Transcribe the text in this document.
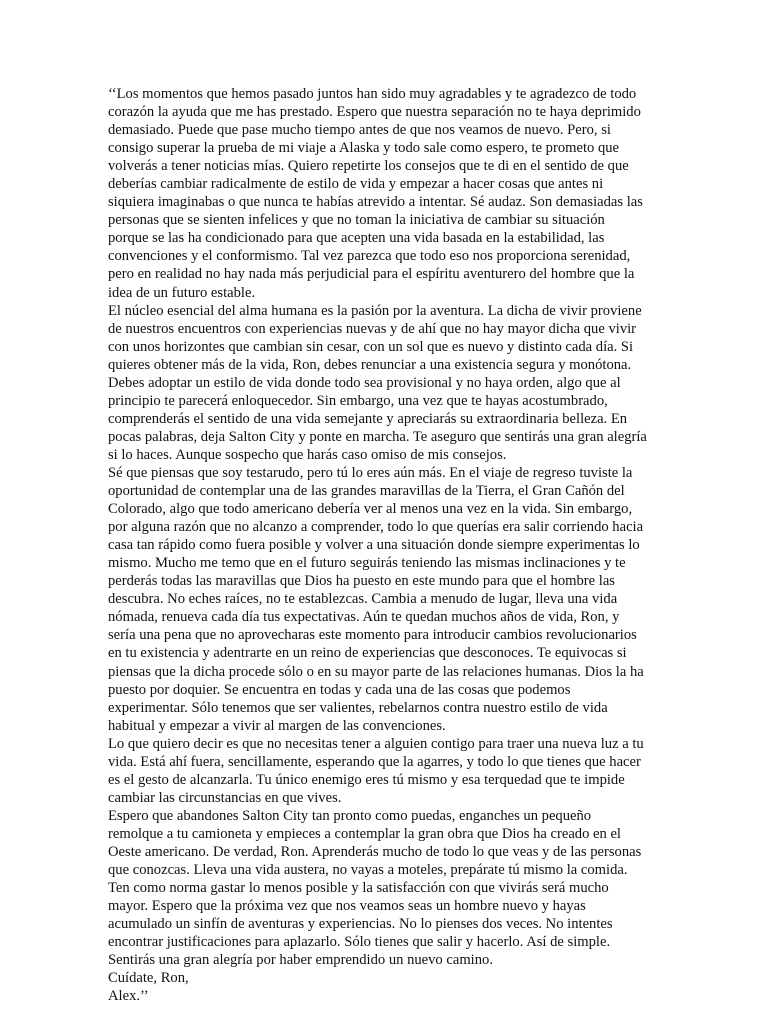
‘‘Los momentos que hemos pasado juntos han sido muy agradables y te agradezco de todo corazón la ayuda que me has prestado. Espero que nuestra separación no te haya deprimido demasiado. Puede que pase mucho tiempo antes de que nos veamos de nuevo. Pero, si consigo superar la prueba de mi viaje a Alaska y todo sale como espero, te prometo que volverás a tener noticias mías. Quiero repetirte los consejos que te di en el sentido de que deberías cambiar radicalmente de estilo de vida y empezar a hacer cosas que antes ni siquiera imaginabas o que nunca te habías atrevido a intentar. Sé audaz. Son demasiadas las personas que se sienten infelices y que no toman la iniciativa de cambiar su situación porque se las ha condicionado para que acepten una vida basada en la estabilidad, las convenciones y el conformismo. Tal vez parezca que todo eso nos proporciona serenidad, pero en realidad no hay nada más perjudicial para el espíritu aventurero del hombre que la idea de un futuro estable.

El núcleo esencial del alma humana es la pasión por la aventura. La dicha de vivir proviene de nuestros encuentros con experiencias nuevas y de ahí que no hay mayor dicha que vivir con unos horizontes que cambian sin cesar, con un sol que es nuevo y distinto cada día. Si quieres obtener más de la vida, Ron, debes renunciar a una existencia segura y monótona. Debes adoptar un estilo de vida donde todo sea provisional y no haya orden, algo que al principio te parecerá enloquecedor. Sin embargo, una vez que te hayas acostumbrado, comprenderás el sentido de una vida semejante y apreciarás su extraordinaria belleza. En pocas palabras, deja Salton City y ponte en marcha. Te aseguro que sentirás una gran alegría si lo haces. Aunque sospecho que harás caso omiso de mis consejos.

Sé que piensas que soy testarudo, pero tú lo eres aún más. En el viaje de regreso tuviste la oportunidad de contemplar una de las grandes maravillas de la Tierra, el Gran Cañón del Colorado, algo que todo americano debería ver al menos una vez en la vida. Sin embargo, por alguna razón que no alcanzo a comprender, todo lo que querías era salir corriendo hacia casa tan rápido como fuera posible y volver a una situación donde siempre experimentas lo mismo. Mucho me temo que en el futuro seguirás teniendo las mismas inclinaciones y te perderás todas las maravillas que Dios ha puesto en este mundo para que el hombre las descubra. No eches raíces, no te establezcas. Cambia a menudo de lugar, lleva una vida nómada, renueva cada día tus expectativas. Aún te quedan muchos años de vida, Ron, y sería una pena que no aprovecharas este momento para introducir cambios revolucionarios en tu existencia y adentrarte en un reino de experiencias que desconoces. Te equivocas si piensas que la dicha procede sólo o en su mayor parte de las relaciones humanas. Dios la ha puesto por doquier. Se encuentra en todas y cada una de las cosas que podemos experimentar. Sólo tenemos que ser valientes, rebelarnos contra nuestro estilo de vida habitual y empezar a vivir al margen de las convenciones.

Lo que quiero decir es que no necesitas tener a alguien contigo para traer una nueva luz a tu vida. Está ahí fuera, sencillamente, esperando que la agarres, y todo lo que tienes que hacer es el gesto de alcanzarla. Tu único enemigo eres tú mismo y esa terquedad que te impide cambiar las circunstancias en que vives.

Espero que abandones Salton City tan pronto como puedas, enganches un pequeño remolque a tu camioneta y empieces a contemplar la gran obra que Dios ha creado en el Oeste americano. De verdad, Ron. Aprenderás mucho de todo lo que veas y de las personas que conozcas. Lleva una vida austera, no vayas a moteles, prepárate tú mismo la comida. Ten como norma gastar lo menos posible y la satisfacción con que vivirás será mucho mayor. Espero que la próxima vez que nos veamos seas un hombre nuevo y hayas acumulado un sinfín de aventuras y experiencias. No lo pienses dos veces. No intentes encontrar justificaciones para aplazarlo. Sólo tienes que salir y hacerlo. Así de simple. Sentirás una gran alegría por haber emprendido un nuevo camino.

Cuídate, Ron,

Alex.’’
